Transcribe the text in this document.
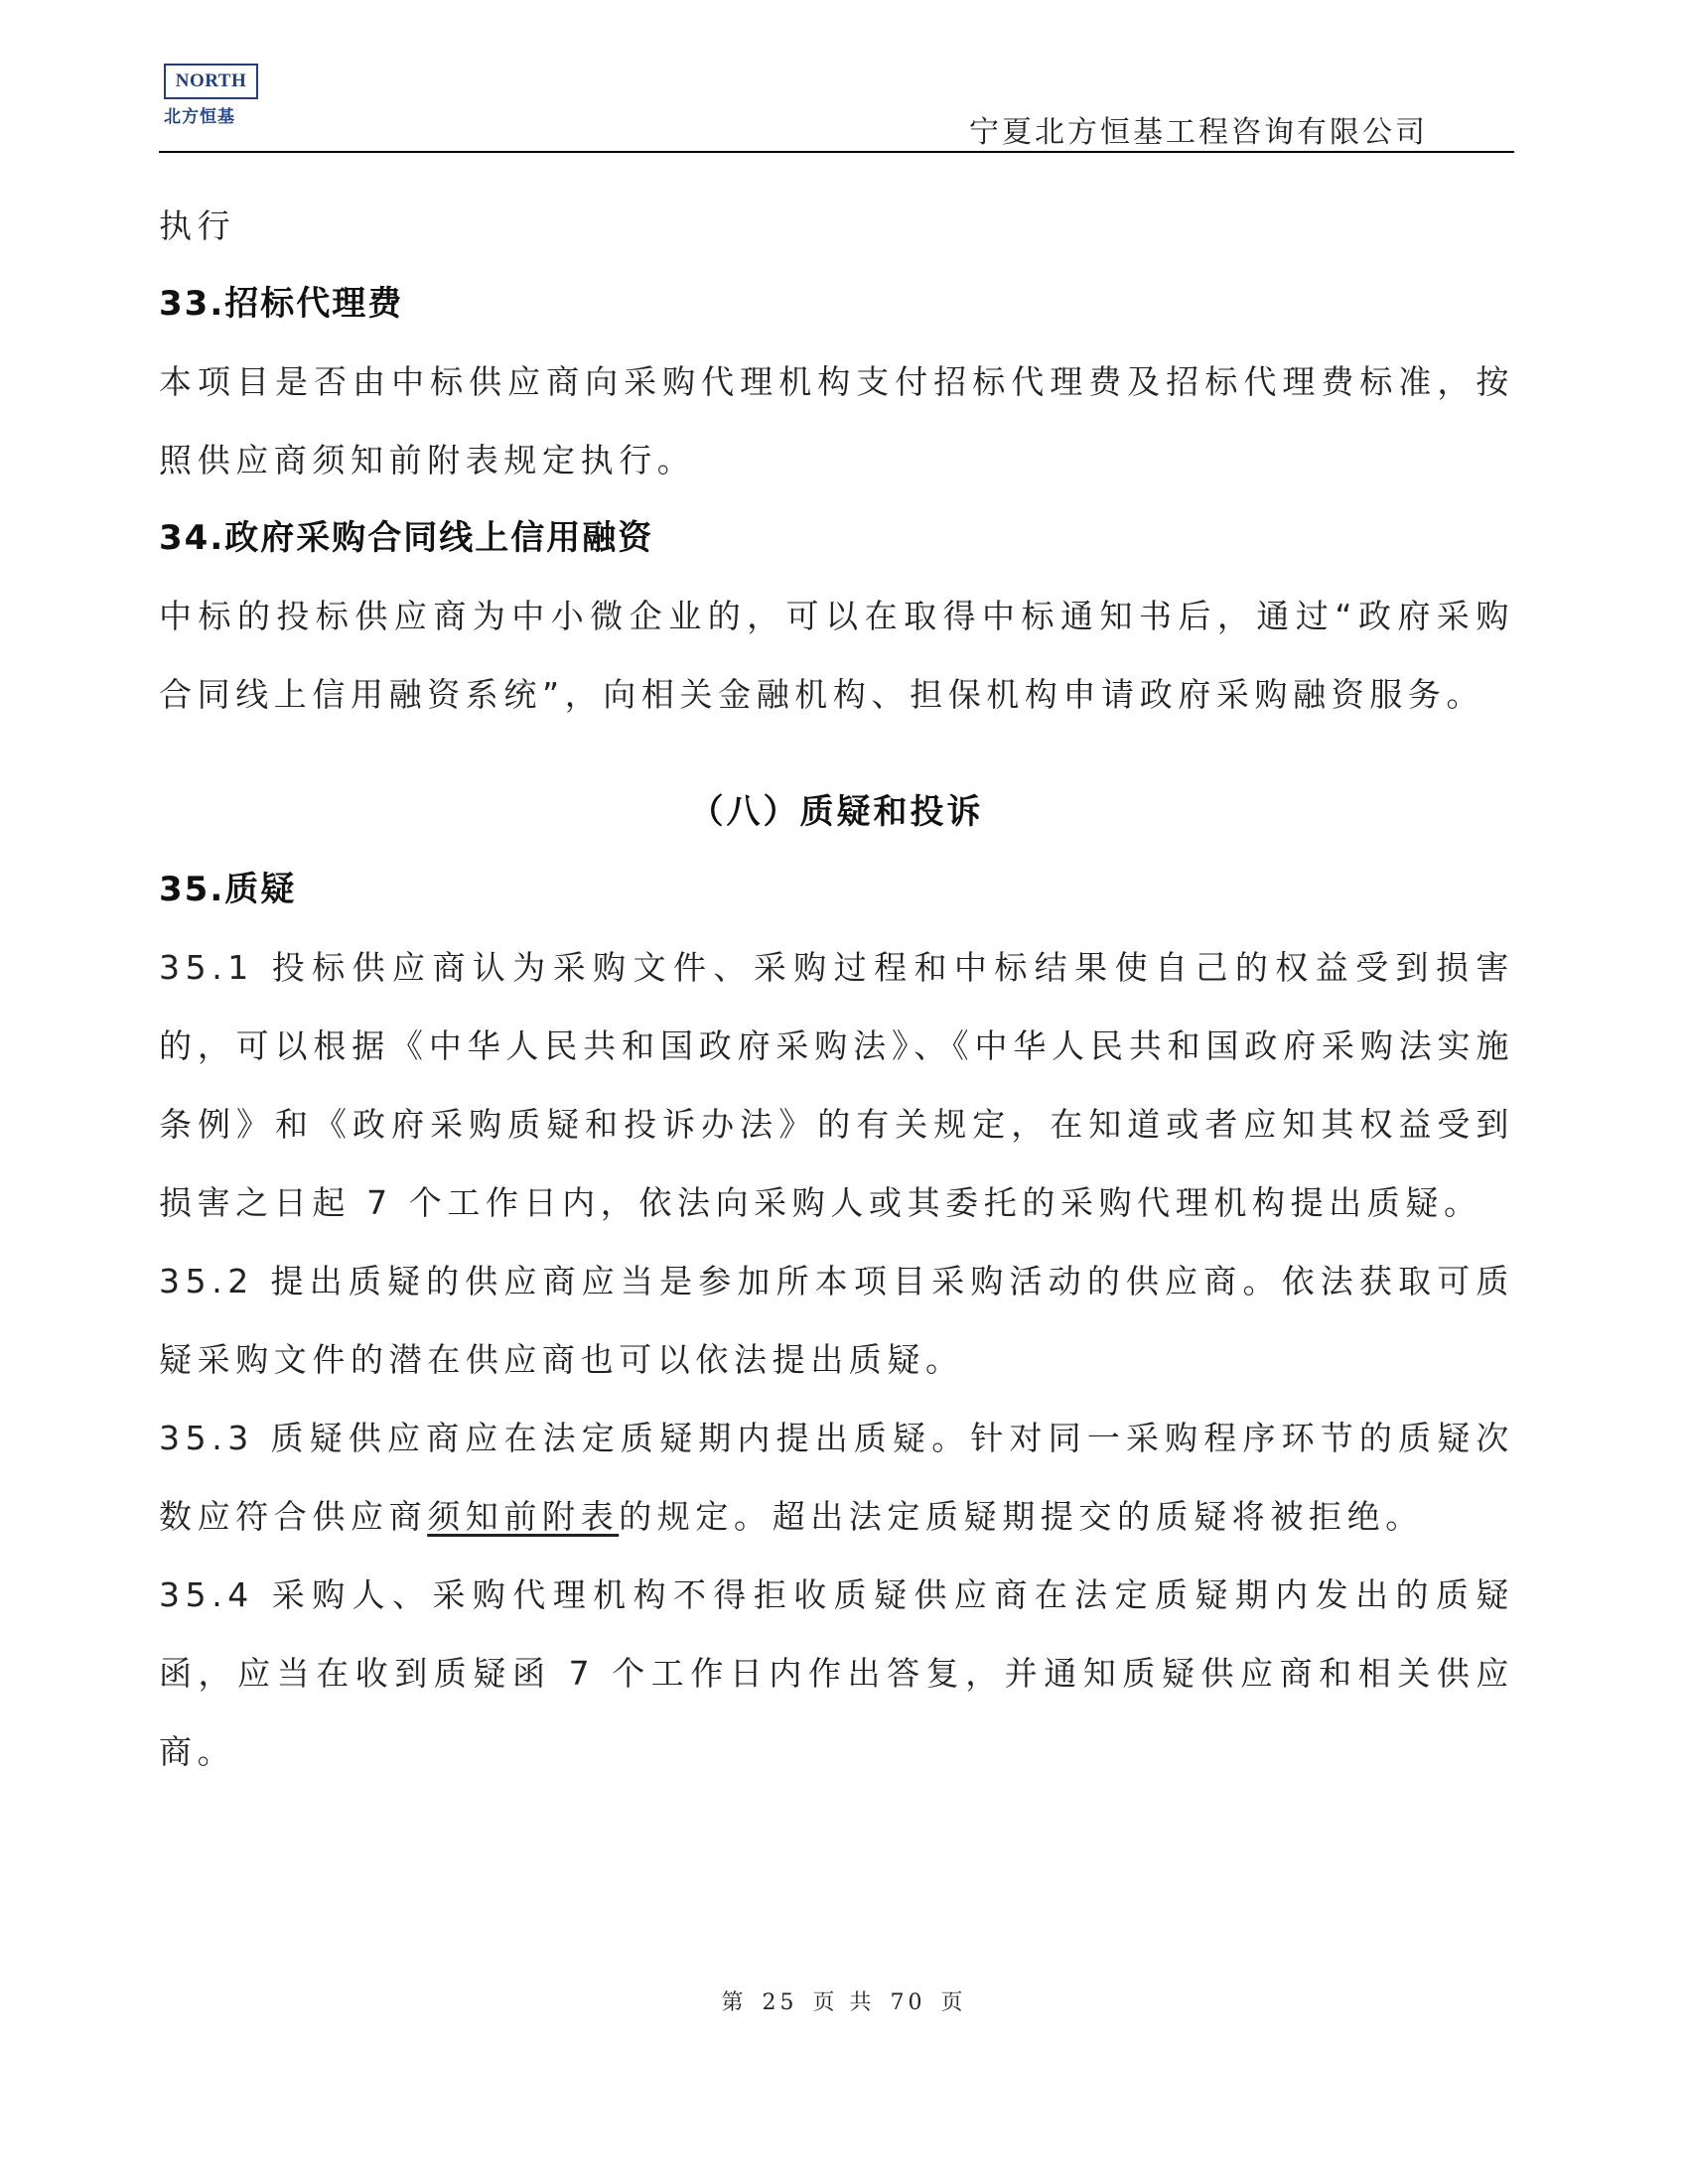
NORTH
北方恒基	宁夏北方恒基工程咨询有限公司

执行

33.招标代理费

本项目是否由中标供应商向采购代理机构支付招标代理费及招标代理费标准，按照供应商须知前附表规定执行。

34.政府采购合同线上信用融资

中标的投标供应商为中小微企业的，可以在取得中标通知书后，通过“政府采购合同线上信用融资系统”，向相关金融机构、担保机构申请政府采购融资服务。

（八）质疑和投诉

35.质疑

35.1 投标供应商认为采购文件、采购过程和中标结果使自己的权益受到损害的，可以根据《中华人民共和国政府采购法》、《中华人民共和国政府采购法实施条例》和《政府采购质疑和投诉办法》的有关规定，在知道或者应知其权益受到损害之日起 7 个工作日内，依法向采购人或其委托的采购代理机构提出质疑。

35.2 提出质疑的供应商应当是参加所本项目采购活动的供应商。依法获取可质疑采购文件的潜在供应商也可以依法提出质疑。

35.3 质疑供应商应在法定质疑期内提出质疑。针对同一采购程序环节的质疑次数应符合供应商须知前附表的规定。超出法定质疑期提交的质疑将被拒绝。

35.4 采购人、采购代理机构不得拒收质疑供应商在法定质疑期内发出的质疑函，应当在收到质疑函 7 个工作日内作出答复，并通知质疑供应商和相关供应商。

第 25 页 共 70 页
